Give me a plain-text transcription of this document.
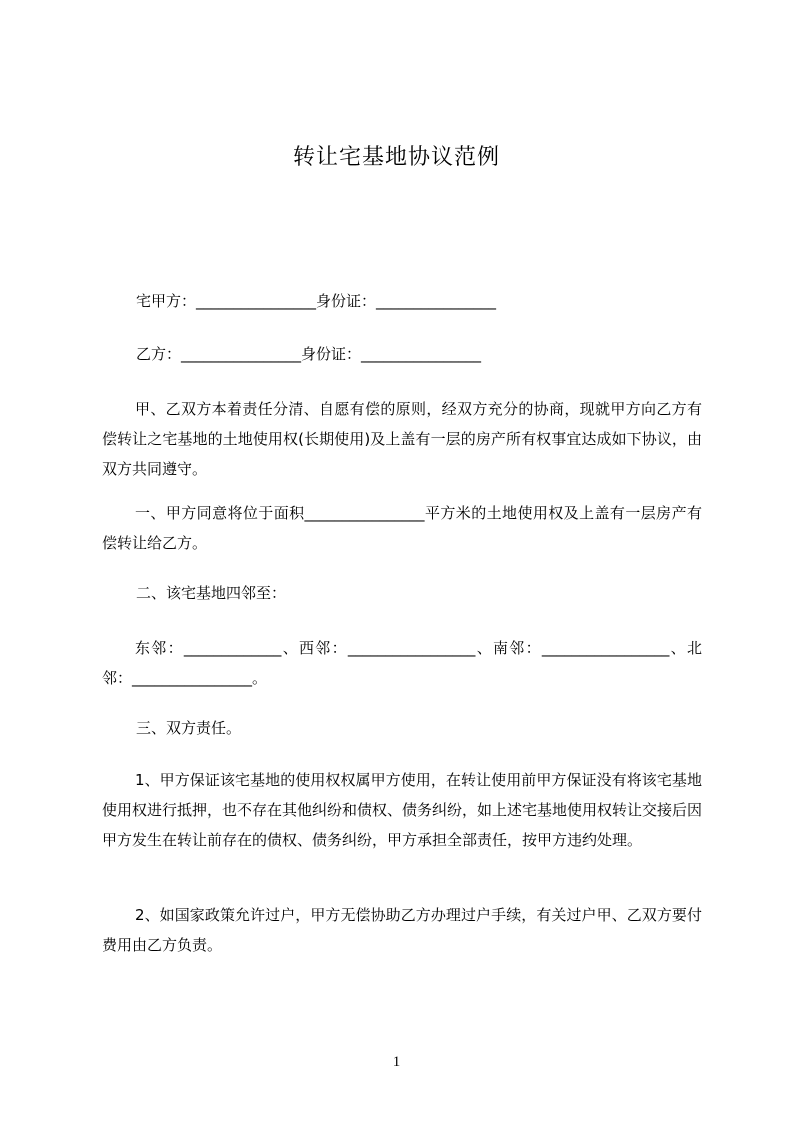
转让宅基地协议范例
宅甲方：________________身份证：________________
乙方：________________身份证：________________

甲、乙双方本着责任分清、自愿有偿的原则，经双方充分的协商，现就甲方向乙方有偿转让之宅基地的土地使用权(长期使用)及上盖有一层的房产所有权事宜达成如下协议，由双方共同遵守。

一、甲方同意将位于面积________________平方米的土地使用权及上盖有一层房产有偿转让给乙方。

二、该宅基地四邻至：

东邻：_____________、西邻：_________________、南邻：_________________、北邻：________________。

三、双方责任。

1、甲方保证该宅基地的使用权权属甲方使用，在转让使用前甲方保证没有将该宅基地使用权进行抵押，也不存在其他纠纷和债权、债务纠纷，如上述宅基地使用权转让交接后因甲方发生在转让前存在的债权、债务纠纷，甲方承担全部责任，按甲方违约处理。

2、如国家政策允许过户，甲方无偿协助乙方办理过户手续，有关过户甲、乙双方要付费用由乙方负责。

1
